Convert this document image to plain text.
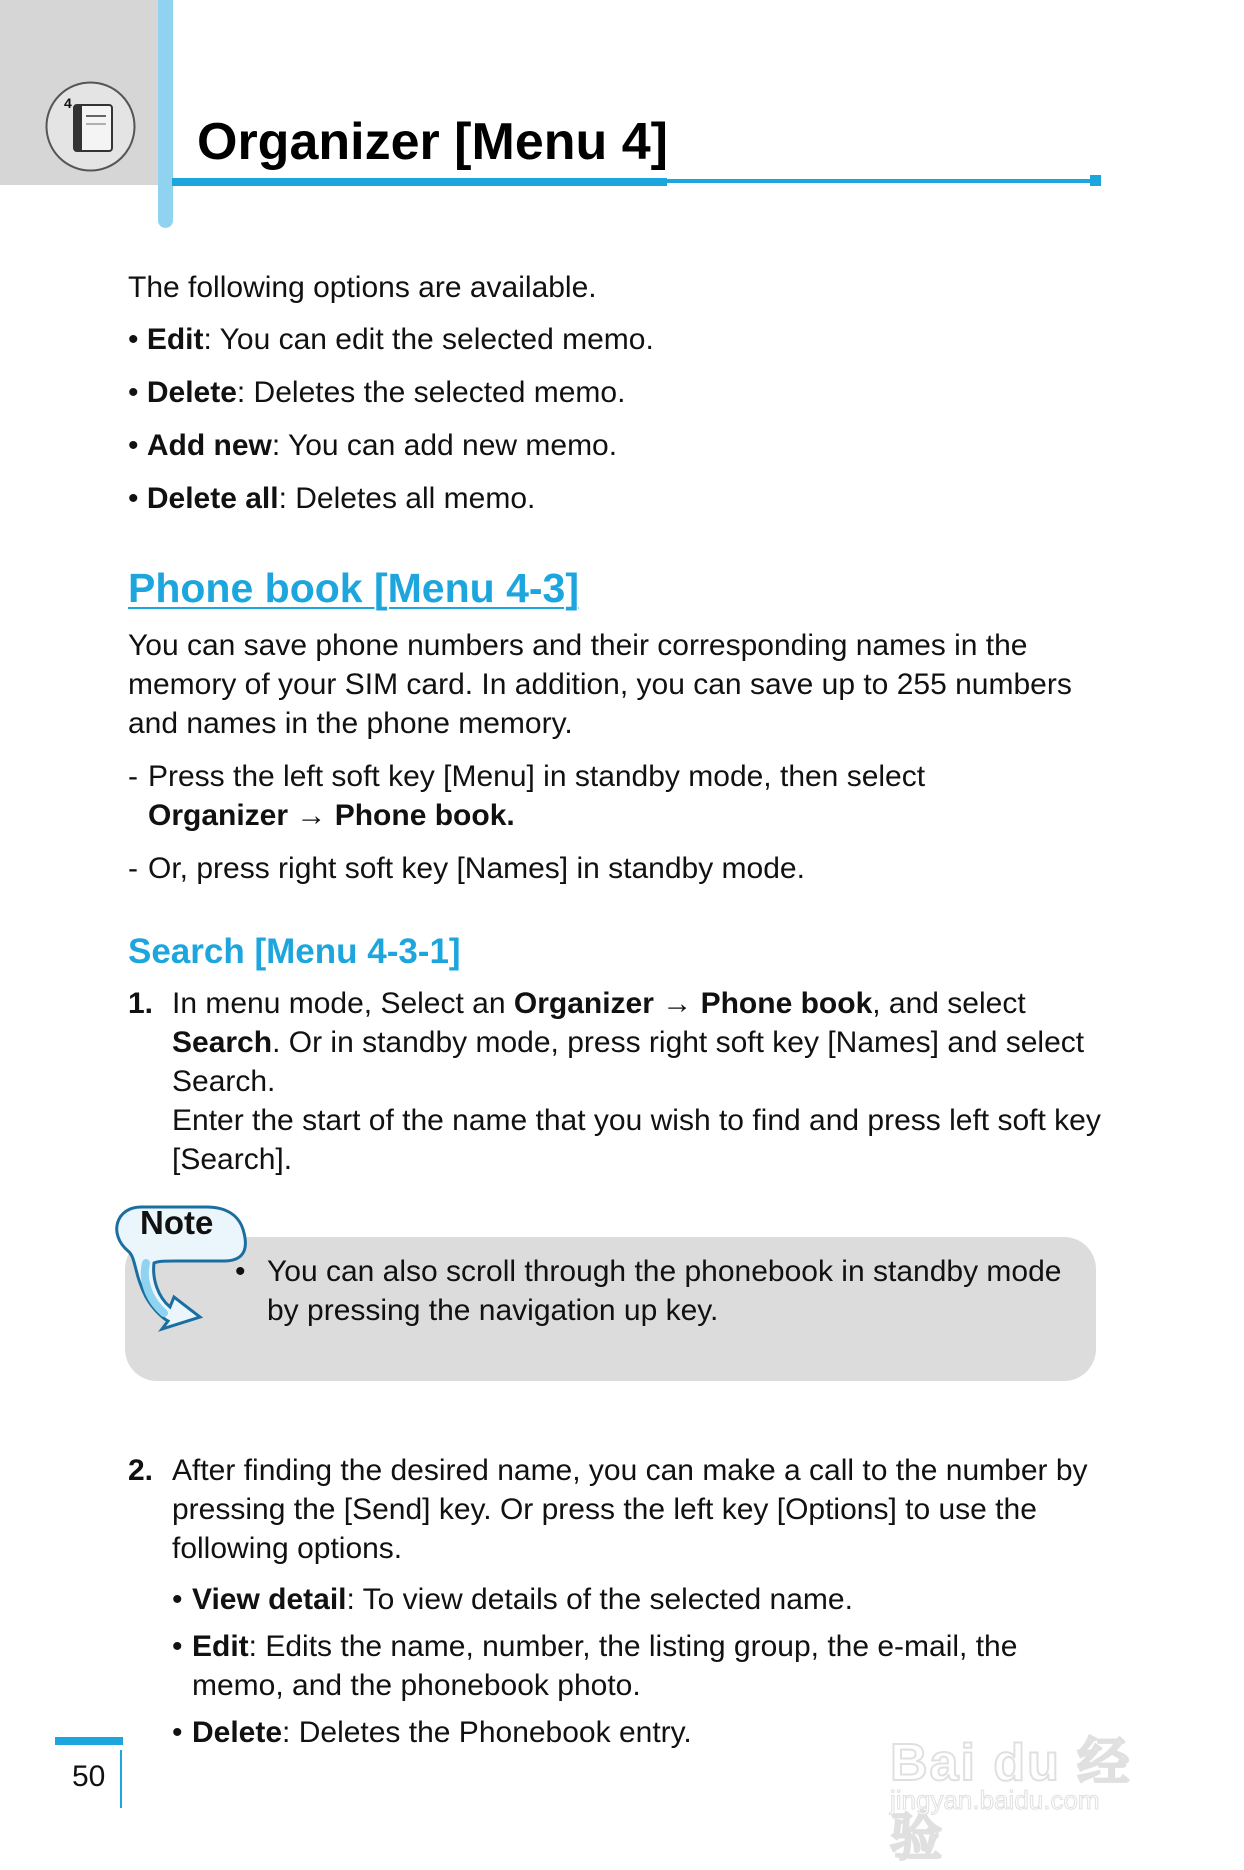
4
Organizer [Menu 4]

The following options are available.

• Edit: You can edit the selected memo.

• Delete: Deletes the selected memo.

• Add new: You can add new memo.

• Delete all: Deletes all memo.

Phone book [Menu 4-3]

You can save phone numbers and their corresponding names in the memory of your SIM card. In addition, you can save up to 255 numbers and names in the phone memory.

- Press the left soft key [Menu] in standby mode, then select
Organizer → Phone book.
- Or, press right soft key [Names] in standby mode.
Search [Menu 4-3-1]
1. In menu mode, Select an Organizer → Phone book, and select Search. Or in standby mode, press right soft key [Names] and select Search.

Enter the start of the name that you wish to find and press left soft key [Search].

• You can also scroll through the phonebook in standby mode by pressing the navigation up key.
Note
2. After finding the desired name, you can make a call to the number by pressing the [Send] key. Or press the left key [Options] to use the following options.

• View detail: To view details of the selected name.
• Edit: Edits the name, number, the listing group, the e-mail, the memo, and the phonebook photo.
• Delete: Deletes the Phonebook entry.
50	Bai du 经验
jingyan.baidu.com
